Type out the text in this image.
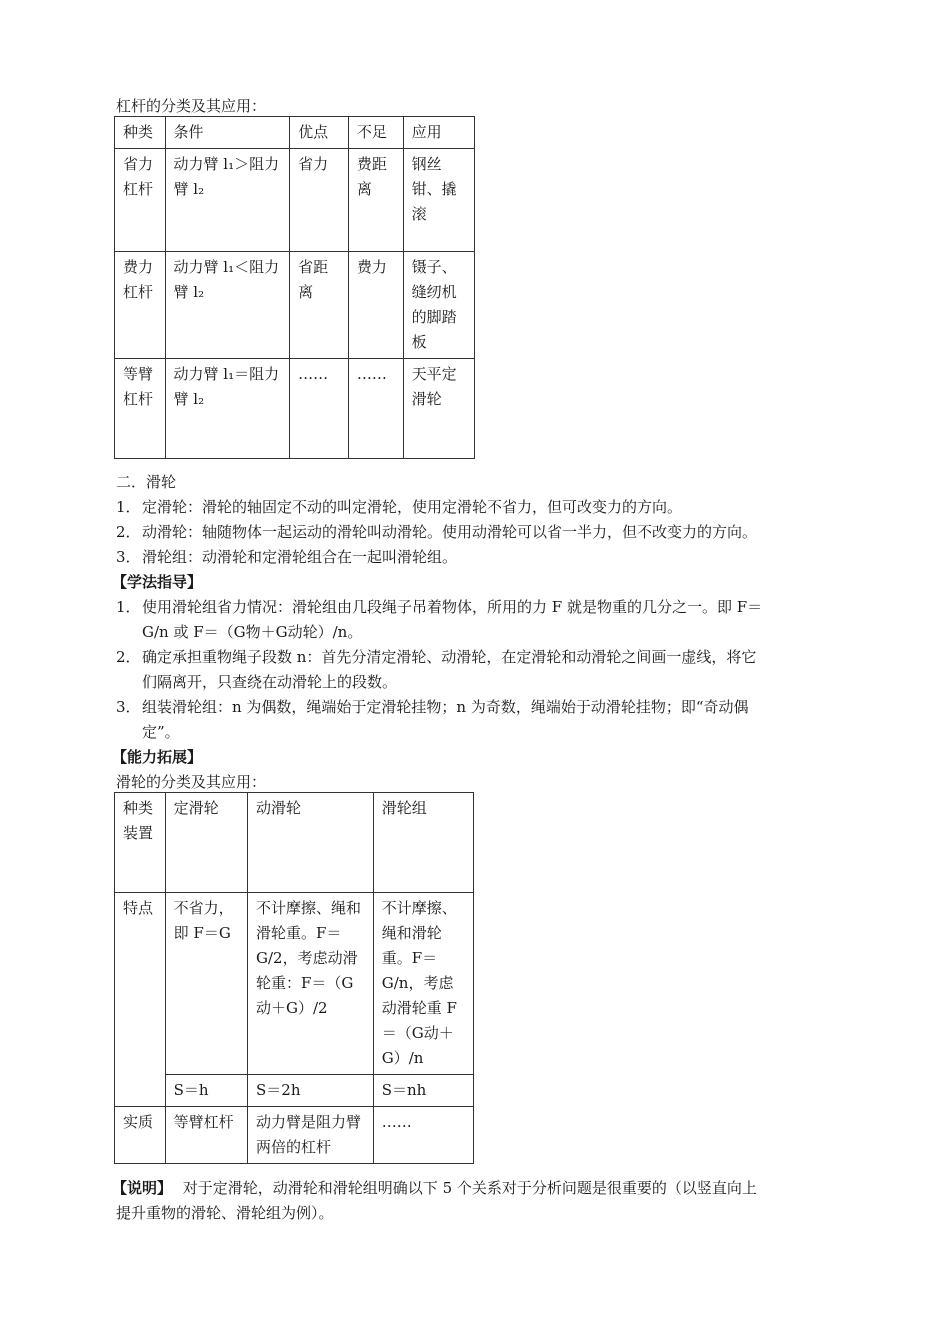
杠杆的分类及其应用：
种类	条件	优点	不足	应用
省力杠杆	动力臂 l₁＞阻力臂 l₂	省力	费距离	钢丝钳、撬滚
费力杠杆	动力臂 l₁＜阻力臂 l₂	省距离	费力	镊子、缝纫机的脚踏板
等臂杠杆	动力臂 l₁＝阻力臂 l₂	……	……	天平定滑轮
二．滑轮
1． 定滑轮：滑轮的轴固定不动的叫定滑轮，使用定滑轮不省力，但可改变力的方向。
2． 动滑轮：轴随物体一起运动的滑轮叫动滑轮。使用动滑轮可以省一半力，但不改变力的方向。
3． 滑轮组：动滑轮和定滑轮组合在一起叫滑轮组。
【学法指导】
1． 使用滑轮组省力情况：滑轮组由几段绳子吊着物体，所用的力 F 就是物重的几分之一。即 F＝
G/n 或 F＝（G物＋G动轮）/n。
2． 确定承担重物绳子段数 n：首先分清定滑轮、动滑轮，在定滑轮和动滑轮之间画一虚线，将它
们隔离开，只查绕在动滑轮上的段数。
3． 组装滑轮组：n 为偶数，绳端始于定滑轮挂物；n 为奇数，绳端始于动滑轮挂物；即“奇动偶
定”。
【能力拓展】
滑轮的分类及其应用：
种类装置	定滑轮	动滑轮	滑轮组
特点	不省力，即 F＝G	不计摩擦、绳和滑轮重。F＝G/2，考虑动滑轮重：F＝（G动＋G）/2	不计摩擦、绳和滑轮重。F＝G/n，考虑动滑轮重 F＝（G动＋G）/n
	S＝h	S＝2h	S＝nh
实质	等臂杠杆	动力臂是阻力臂两倍的杠杆	……
【说明】 对于定滑轮，动滑轮和滑轮组明确以下 5 个关系对于分析问题是很重要的（以竖直向上
提升重物的滑轮、滑轮组为例）。
